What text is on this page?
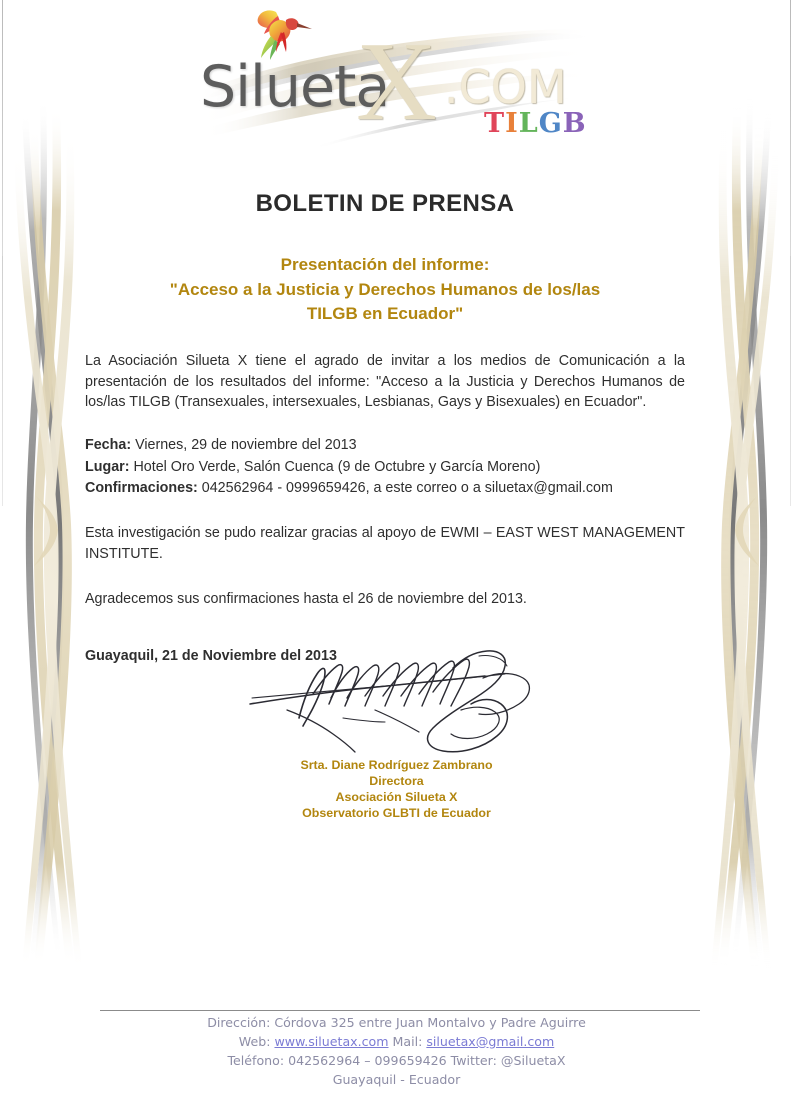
Silueta
X .COM
TILGB
BOLETIN DE PRENSA
Presentación del informe:
"Acceso a la Justicia y Derechos Humanos de los/las
TILGB en Ecuador"
La Asociación Silueta X tiene el agrado de invitar a los medios de Comunicación a la presentación de los resultados del informe: "Acceso a la Justicia y Derechos Humanos de los/las TILGB (Transexuales, intersexuales, Lesbianas, Gays y Bisexuales) en Ecuador".
Fecha: Viernes, 29 de noviembre del 2013
Lugar: Hotel Oro Verde, Salón Cuenca (9 de Octubre y García Moreno)
Confirmaciones: 042562964 - 0999659426, a este correo o a siluetax@gmail.com
Esta investigación se pudo realizar gracias al apoyo de EWMI – EAST WEST MANAGEMENT INSTITUTE.
Agradecemos sus confirmaciones hasta el 26 de noviembre del 2013.
Guayaquil, 21 de Noviembre del 2013
Srta. Diane Rodríguez Zambrano
Directora
Asociación Silueta X
Observatorio GLBTI de Ecuador
Dirección: Córdova 325 entre Juan Montalvo y Padre Aguirre
Web: www.siluetax.com Mail: siluetax@gmail.com
Teléfono: 042562964 – 099659426 Twitter: @SiluetaX
Guayaquil - Ecuador
